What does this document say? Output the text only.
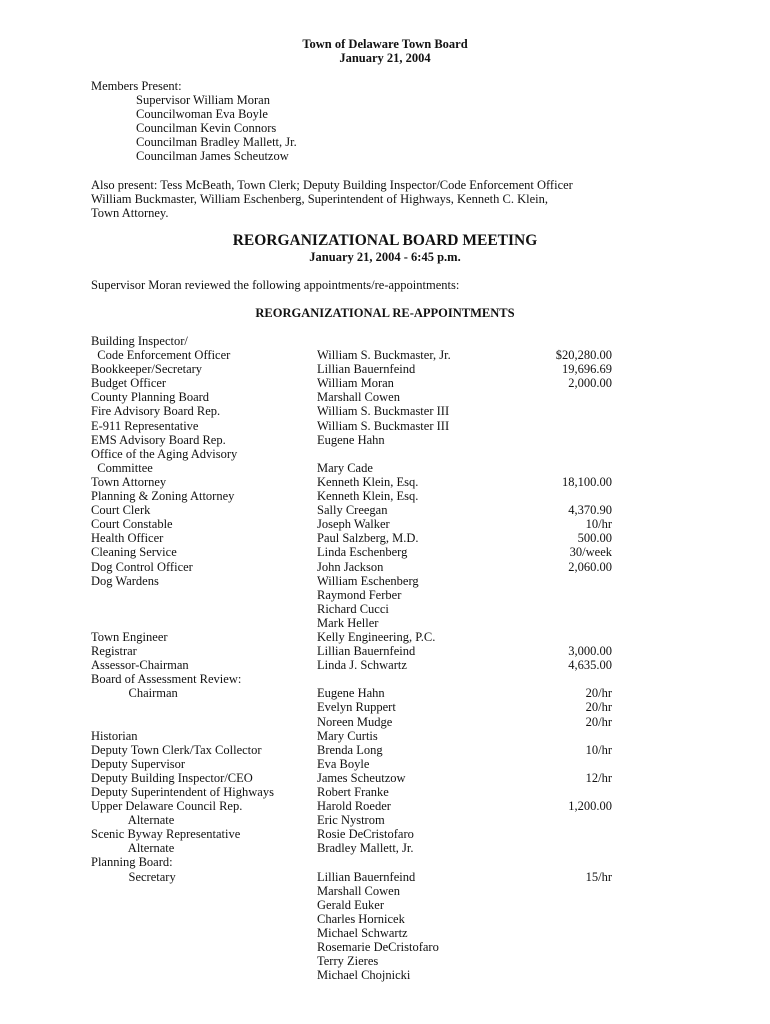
Town of Delaware Town Board
January 21, 2004
Members Present:
Supervisor William Moran
Councilwoman Eva Boyle
Councilman Kevin Connors
Councilman Bradley Mallett, Jr.
Councilman James Scheutzow
Also present: Tess McBeath, Town Clerk; Deputy Building Inspector/Code Enforcement Officer
William Buckmaster, William Eschenberg, Superintendent of Highways, Kenneth C. Klein,
Town Attorney.
REORGANIZATIONAL BOARD MEETING
January 21, 2004 - 6:45 p.m.
Supervisor Moran reviewed the following appointments/re-appointments:
REORGANIZATIONAL RE-APPOINTMENTS
Building Inspector/
Code Enforcement Officer
Bookkeeper/Secretary
Budget Officer
County Planning Board
Fire Advisory Board Rep.
E-911 Representative
EMS Advisory Board Rep.
Office of the Aging Advisory
Committee
Town Attorney
Planning & Zoning Attorney
Court Clerk
Court Constable
Health Officer
Cleaning Service
Dog Control Officer
Dog Wardens
Town Engineer
Registrar
Assessor-Chairman
Board of Assessment Review:
Chairman
Historian
Deputy Town Clerk/Tax Collector
Deputy Supervisor
Deputy Building Inspector/CEO
Deputy Superintendent of Highways
Upper Delaware Council Rep.
Alternate
Scenic Byway Representative
Alternate
Planning Board:
Secretary
William S. Buckmaster, Jr.
Lillian Bauernfeind
William Moran
Marshall Cowen
William S. Buckmaster III
William S. Buckmaster III
Eugene Hahn
Mary Cade
Kenneth Klein, Esq.
Kenneth Klein, Esq.
Sally Creegan
Joseph Walker
Paul Salzberg, M.D.
Linda Eschenberg
John Jackson
William Eschenberg
Raymond Ferber
Richard Cucci
Mark Heller
Kelly Engineering, P.C.
Lillian Bauernfeind
Linda J. Schwartz
Eugene Hahn
Evelyn Ruppert
Noreen Mudge
Mary Curtis
Brenda Long
Eva Boyle
James Scheutzow
Robert Franke
Harold Roeder
Eric Nystrom
Rosie DeCristofaro
Bradley Mallett, Jr.
Lillian Bauernfeind
Marshall Cowen
Gerald Euker
Charles Hornicek
Michael Schwartz
Rosemarie DeCristofaro
Terry Zieres
Michael Chojnicki
$20,280.00
19,696.69
2,000.00
18,100.00
4,370.90
10/hr
500.00
30/week
2,060.00
3,000.00
4,635.00
20/hr
20/hr
20/hr
10/hr
12/hr
1,200.00
15/hr
